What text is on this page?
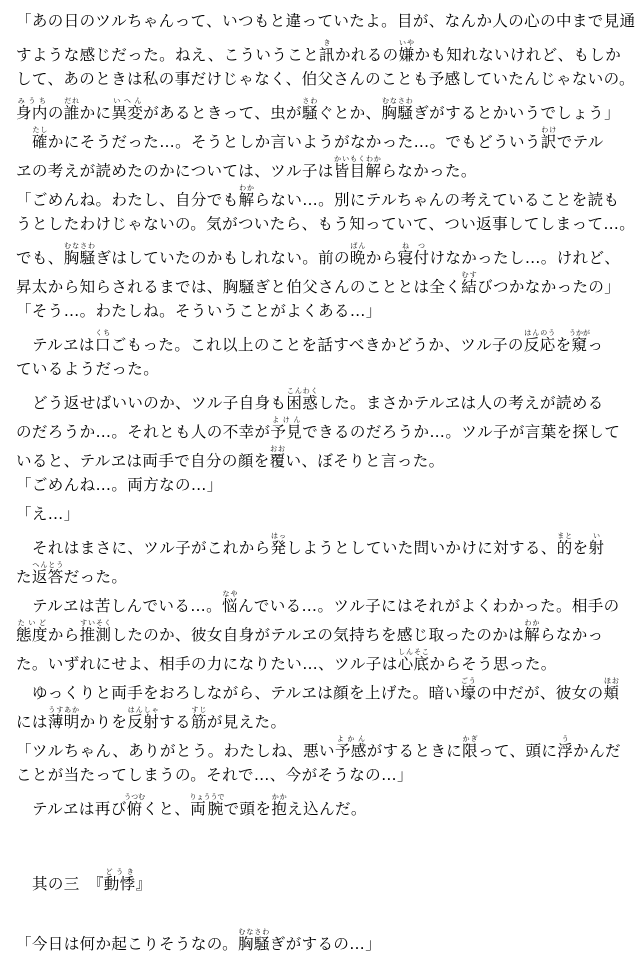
「あの日のツルちゃんって、いつもと違っていたよ。目が、なんか人の心の中まで見通
すような感じだった。ねえ、こういうこと訊きかれるの嫌いやかも知れないけれど、もしか
して、あのときは私の事だけじゃなく、伯父さんのことも予感していたんじゃないの。
身内みうちの誰だれかに異変いへんがあるときって、虫が騒さわぐとか、胸騒むなさわぎがするとかいうでしょう」
確たしかにそうだった…。そうとしか言いようがなかった…。でもどういう訳わけでテル
ヱの考えが読めたのかについては、ツル子は皆目解かいもくわからなかった。
「ごめんね。わたし、自分でも解わからない…。別にテルちゃんの考えていることを読も
うとしたわけじゃないの。気がついたら、もう知っていて、つい返事してしまって…。
でも、胸騒むなさわぎはしていたのかもしれない。前の晩ばんから寝付ねつけなかったし…。けれど、
昇太から知らされるまでは、胸騒ぎと伯父さんのこととは全く結むすびつかなかったの」
「そう…。わたしね。そういうことがよくある…」
テルヱは口くちごもった。これ以上のことを話すべきかどうか、ツル子の反応はんのうを窺うかがっ
ているようだった。
どう返せばいいのか、ツル子自身も困惑こんわくした。まさかテルヱは人の考えが読める
のだろうか…。それとも人の不幸が予見よけんできるのだろうか…。ツル子が言葉を探して
いると、テルヱは両手で自分の顔を覆おおい、ぼそりと言った。
「ごめんね…。両方なの…」
「え…」
それはまさに、ツル子がこれから発はっしようとしていた問いかけに対する、的まとを射い
た返答へんとうだった。
テルヱは苦しんでいる…。悩なやんでいる…。ツル子にはそれがよくわかった。相手の
態度たいどから推測すいそくしたのか、彼女自身がテルヱの気持ちを感じ取ったのかは解わからなかっ
た。いずれにせよ、相手の力になりたい…、ツル子は心底しんそこからそう思った。
ゆっくりと両手をおろしながら、テルヱは顔を上げた。暗い壕ごうの中だが、彼女の頬ほお
には薄明うすあかかりを反射はんしゃする筋すじが見えた。
「ツルちゃん、ありがとう。わたしね、悪い予感よかんがするときに限かぎって、頭に浮うかんだ
ことが当たってしまうの。それで…、今がそうなの…」
テルヱは再び俯うつむくと、両腕りょううでで頭を抱かかえ込んだ。
其の三　『動悸どうき』
「今日は何か起こりそうなの。胸騒むなさわぎがするの…」
